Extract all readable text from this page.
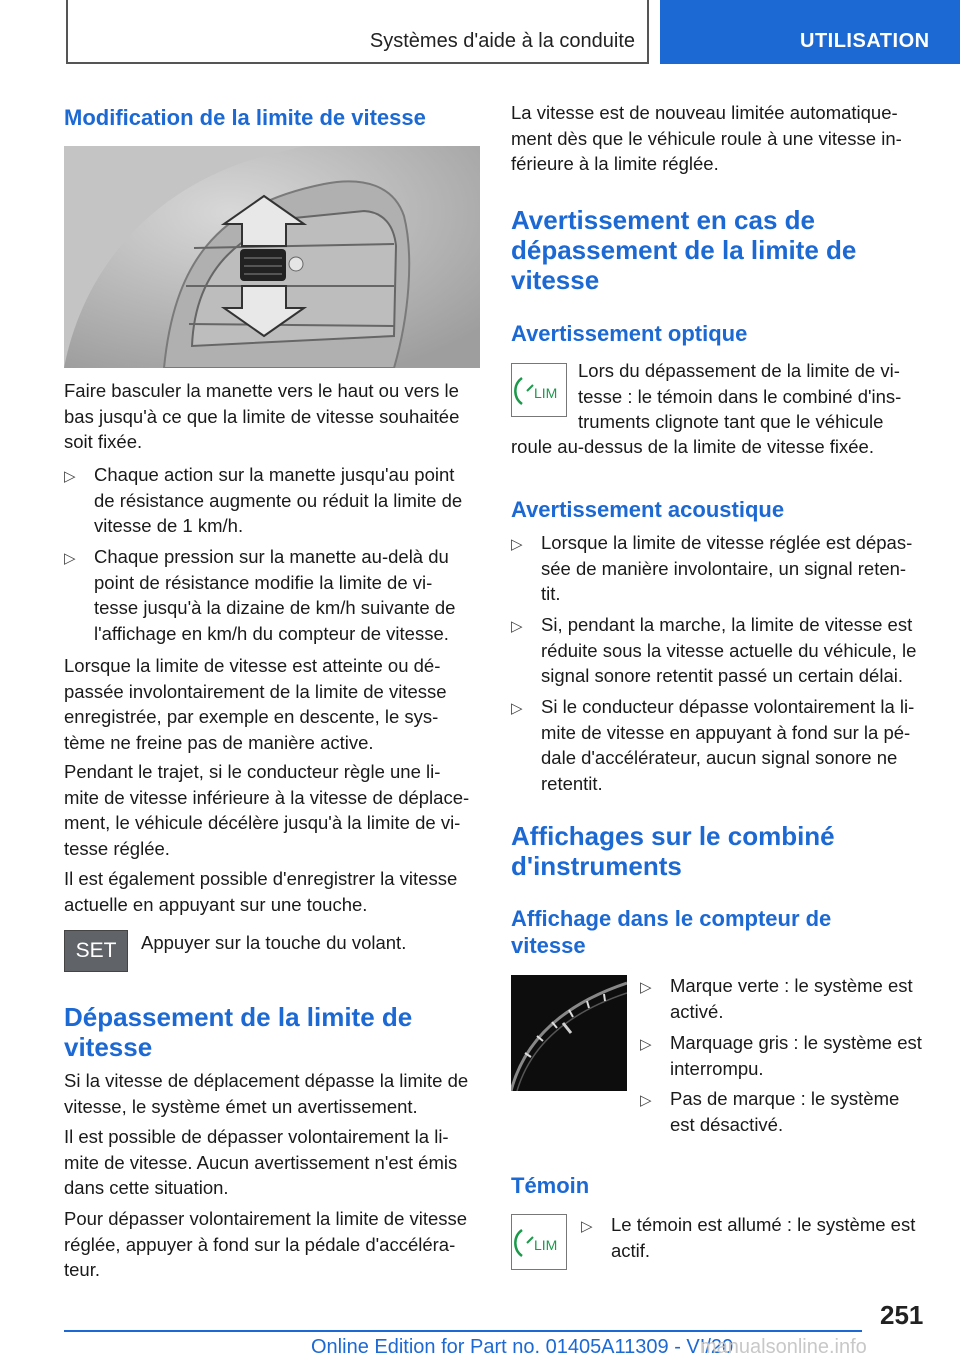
Systèmes d'aide à la conduite	UTILISATION
Modification de la limite de vitesse
Faire basculer la manette vers le haut ou vers le
bas jusqu'à ce que la limite de vitesse souhaitée
soit fixée.
▷ Chaque action sur la manette jusqu'au point
de résistance augmente ou réduit la limite de
vitesse de 1 km/h.
▷ Chaque pression sur la manette au-delà du
point de résistance modifie la limite de vi-
tesse jusqu'à la dizaine de km/h suivante de
l'affichage en km/h du compteur de vitesse.
Lorsque la limite de vitesse est atteinte ou dé-
passée involontairement de la limite de vitesse
enregistrée, par exemple en descente, le sys-
tème ne freine pas de manière active.
Pendant le trajet, si le conducteur règle une li-
mite de vitesse inférieure à la vitesse de déplace-
ment, le véhicule décélère jusqu'à la limite de vi-
tesse réglée.
Il est également possible d'enregistrer la vitesse
actuelle en appuyant sur une touche.
SET	Appuyer sur la touche du volant.
Dépassement de la limite de
vitesse
Si la vitesse de déplacement dépasse la limite de
vitesse, le système émet un avertissement.
Il est possible de dépasser volontairement la li-
mite de vitesse. Aucun avertissement n'est émis
dans cette situation.
Pour dépasser volontairement la limite de vitesse
réglée, appuyer à fond sur la pédale d'accéléra-
teur.
La vitesse est de nouveau limitée automatique-
ment dès que le véhicule roule à une vitesse in-
férieure à la limite réglée.
Avertissement en cas de
dépassement de la limite de
vitesse
Avertissement optique
LIM
Lors du dépassement de la limite de vi-
tesse : le témoin dans le combiné d'ins-
truments clignote tant que le véhicule
roule au-dessus de la limite de vitesse fixée.
Avertissement acoustique
▷ Lorsque la limite de vitesse réglée est dépas-
sée de manière involontaire, un signal reten-
tit.
▷ Si, pendant la marche, la limite de vitesse est
réduite sous la vitesse actuelle du véhicule, le
signal sonore retentit passé un certain délai.
▷ Si le conducteur dépasse volontairement la li-
mite de vitesse en appuyant à fond sur la pé-
dale d'accélérateur, aucun signal sonore ne
retentit.
Affichages sur le combiné
d'instruments
Affichage dans le compteur de
vitesse
▷ Marque verte : le système est
activé.
▷ Marquage gris : le système est
interrompu.
▷ Pas de marque : le système
est désactivé.
Témoin
LIM
▷ Le témoin est allumé : le système est
actif.
251
Online Edition for Part no. 01405A11309 - VI/20
manualsonline.info
